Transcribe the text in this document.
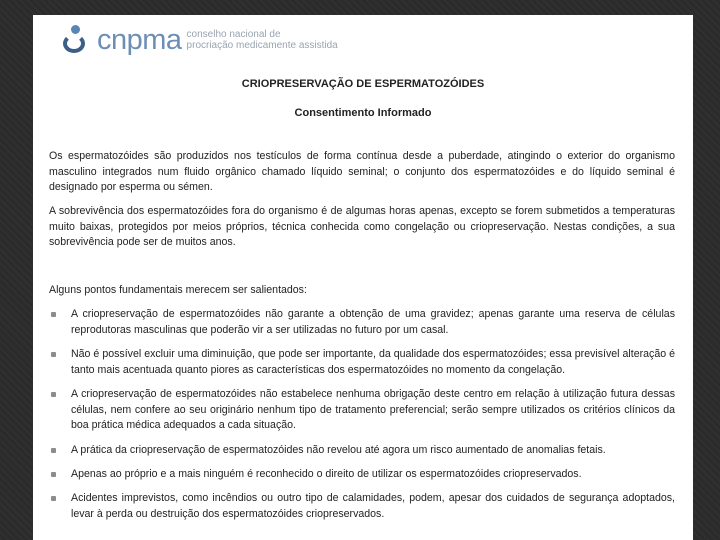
cnpma conselho nacional de
procriação medicamente assistida
CRIOPRESERVAÇÃO DE ESPERMATOZÓIDES
Consentimento Informado
Os espermatozóides são produzidos nos testículos de forma contínua desde a puberdade, atingindo o exterior do organismo masculino integrados num fluido orgânico chamado líquido seminal; o conjunto dos espermatozóides e do líquido seminal é designado por esperma ou sémen.
A sobrevivência dos espermatozóides fora do organismo é de algumas horas apenas, excepto se forem submetidos a temperaturas muito baixas, protegidos por meios próprios, técnica conhecida como congelação ou criopreservação. Nestas condições, a sua sobrevivência pode ser de muitos anos.
Alguns pontos fundamentais merecem ser salientados:
A criopreservação de espermatozóides não garante a obtenção de uma gravidez; apenas garante uma reserva de células reprodutoras masculinas que poderão vir a ser utilizadas no futuro por um casal.
Não é possível excluir uma diminuição, que pode ser importante, da qualidade dos espermatozóides; essa previsível alteração é tanto mais acentuada quanto piores as características dos espermatozóides no momento da congelação.
A criopreservação de espermatozóides não estabelece nenhuma obrigação deste centro em relação à utilização futura dessas células, nem confere ao seu originário nenhum tipo de tratamento preferencial; serão sempre utilizados os critérios clínicos da boa prática médica adequados a cada situação.
A prática da criopreservação de espermatozóides não revelou até agora um risco aumentado de anomalias fetais.
Apenas ao próprio e a mais ninguém é reconhecido o direito de utilizar os espermatozóides criopreservados.
Acidentes imprevistos, como incêndios ou outro tipo de calamidades, podem, apesar dos cuidados de segurança adoptados, levar à perda ou destruição dos espermatozóides criopreservados.
